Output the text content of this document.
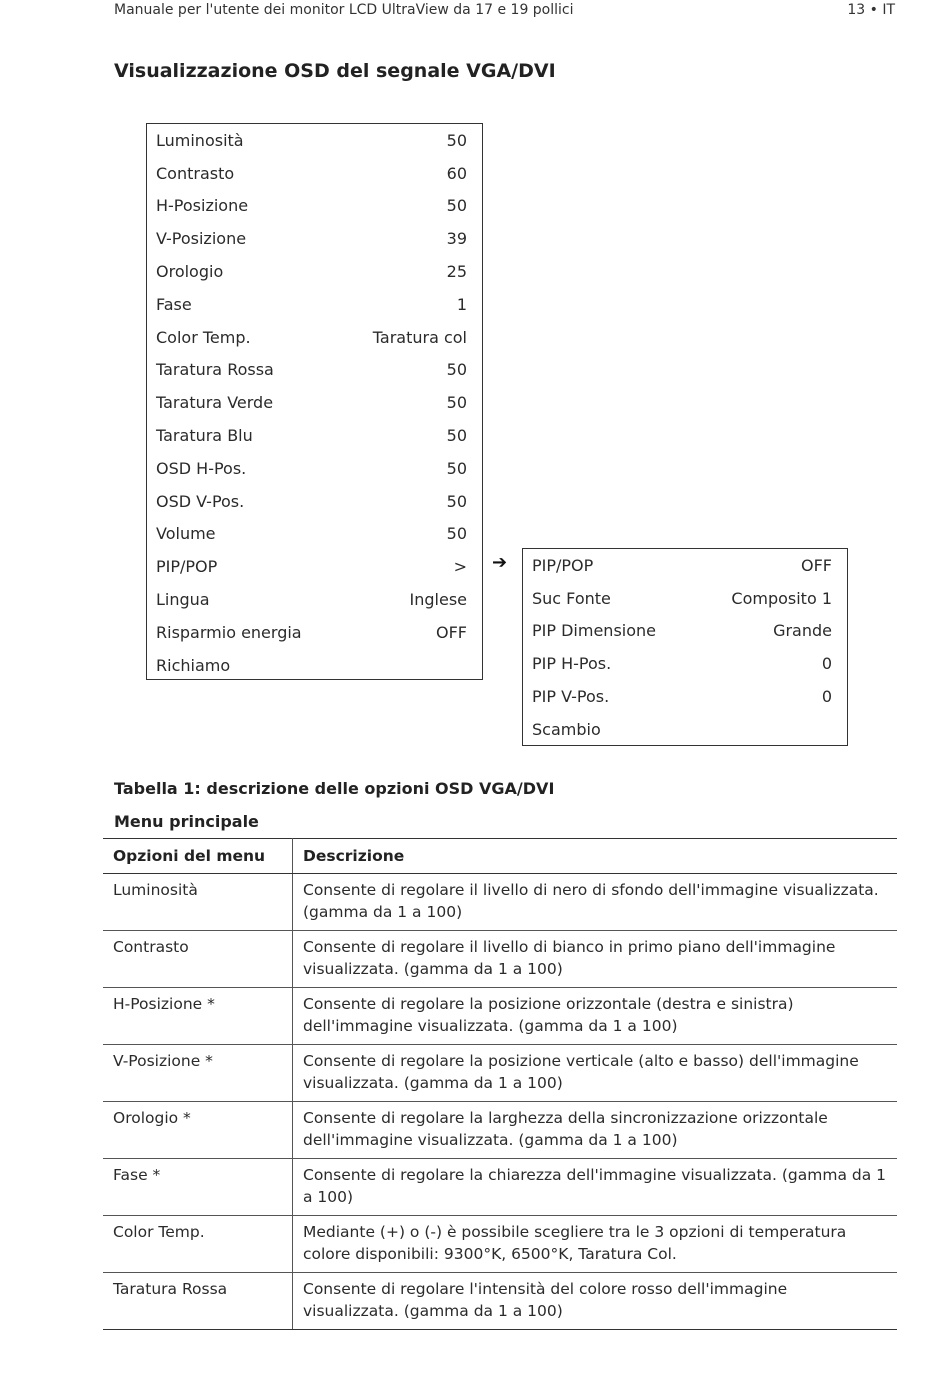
Manuale per l'utente dei monitor LCD UltraView da 17 e 19 pollici	13 • IT
Visualizzazione OSD del segnale VGA/DVI
Luminosità	50
Contrasto	60
H-Posizione	50
V-Posizione	39
Orologio	25
Fase	1
Color Temp.	Taratura col
Taratura Rossa	50
Taratura Verde	50
Taratura Blu	50
OSD H-Pos.	50
OSD V-Pos.	50
Volume	50
PIP/POP	>
Lingua	Inglese
Risparmio energia	OFF
Richiamo
➔ PIP/POP	OFF
Suc Fonte	Composito 1
PIP Dimensione	Grande
PIP H-Pos.	0
PIP V-Pos.	0
Scambio
Tabella 1: descrizione delle opzioni OSD VGA/DVI
Menu principale
Opzioni del menu	Descrizione
Luminosità	Consente di regolare il livello di nero di sfondo dell'immagine visualizzata. (gamma da 1 a 100)
Contrasto	Consente di regolare il livello di bianco in primo piano dell'immagine visualizzata. (gamma da 1 a 100)
H-Posizione *	Consente di regolare la posizione orizzontale (destra e sinistra) dell'immagine visualizzata. (gamma da 1 a 100)
V-Posizione *	Consente di regolare la posizione verticale (alto e basso) dell'immagine visualizzata. (gamma da 1 a 100)
Orologio *	Consente di regolare la larghezza della sincronizzazione orizzontale dell'immagine visualizzata. (gamma da 1 a 100)
Fase *	Consente di regolare la chiarezza dell'immagine visualizzata. (gamma da 1 a 100)
Color Temp.	Mediante (+) o (-) è possibile scegliere tra le 3 opzioni di temperatura colore disponibili: 9300°K, 6500°K, Taratura Col.
Taratura Rossa	Consente di regolare l'intensità del colore rosso dell'immagine visualizzata. (gamma da 1 a 100)
